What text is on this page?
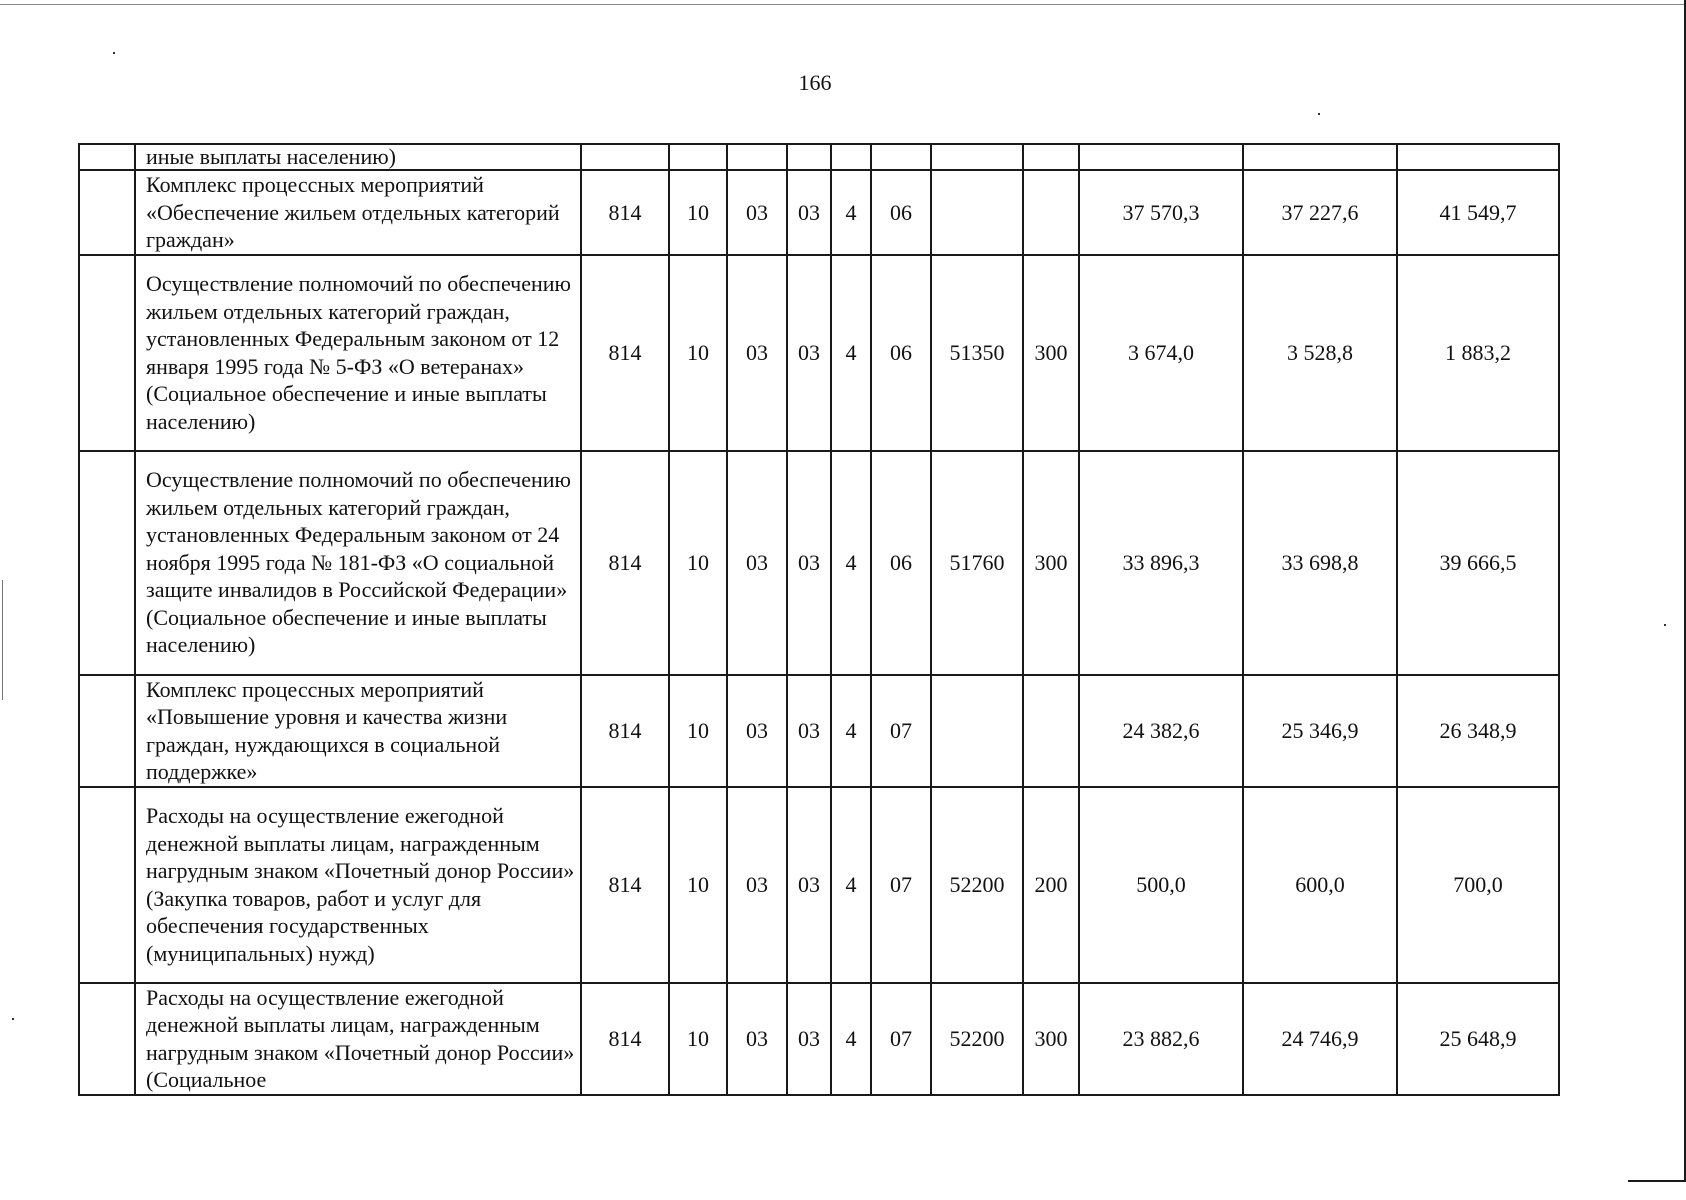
166
	иные выплаты населению)											
	Комплекс процессных мероприятий «Обеспечение жильем отдельных категорий граждан»	814	10	03	03	4	06			37 570,3	37 227,6	41 549,7
	Осуществление полномочий по обеспечению жильем отдельных категорий граждан, установленных Федеральным законом от 12 января 1995 года № 5-ФЗ «О ветеранах» (Социальное обеспечение и иные выплаты населению)	814	10	03	03	4	06	51350	300	3 674,0	3 528,8	1 883,2
	Осуществление полномочий по обеспечению жильем отдельных категорий граждан, установленных Федеральным законом от 24 ноября 1995 года № 181-ФЗ «О социальной защите инвалидов в Российской Федерации» (Социальное обеспечение и иные выплаты населению)	814	10	03	03	4	06	51760	300	33 896,3	33 698,8	39 666,5
	Комплекс процессных мероприятий «Повышение уровня и качества жизни граждан, нуждающихся в социальной поддержке»	814	10	03	03	4	07			24 382,6	25 346,9	26 348,9
	Расходы на осуществление ежегодной денежной выплаты лицам, награжденным нагрудным знаком «Почетный донор России» (Закупка товаров, работ и услуг для обеспечения государственных (муниципальных) нужд)	814	10	03	03	4	07	52200	200	500,0	600,0	700,0
	Расходы на осуществление ежегодной денежной выплаты лицам, награжденным нагрудным знаком «Почетный донор России» (Социальное	814	10	03	03	4	07	52200	300	23 882,6	24 746,9	25 648,9
